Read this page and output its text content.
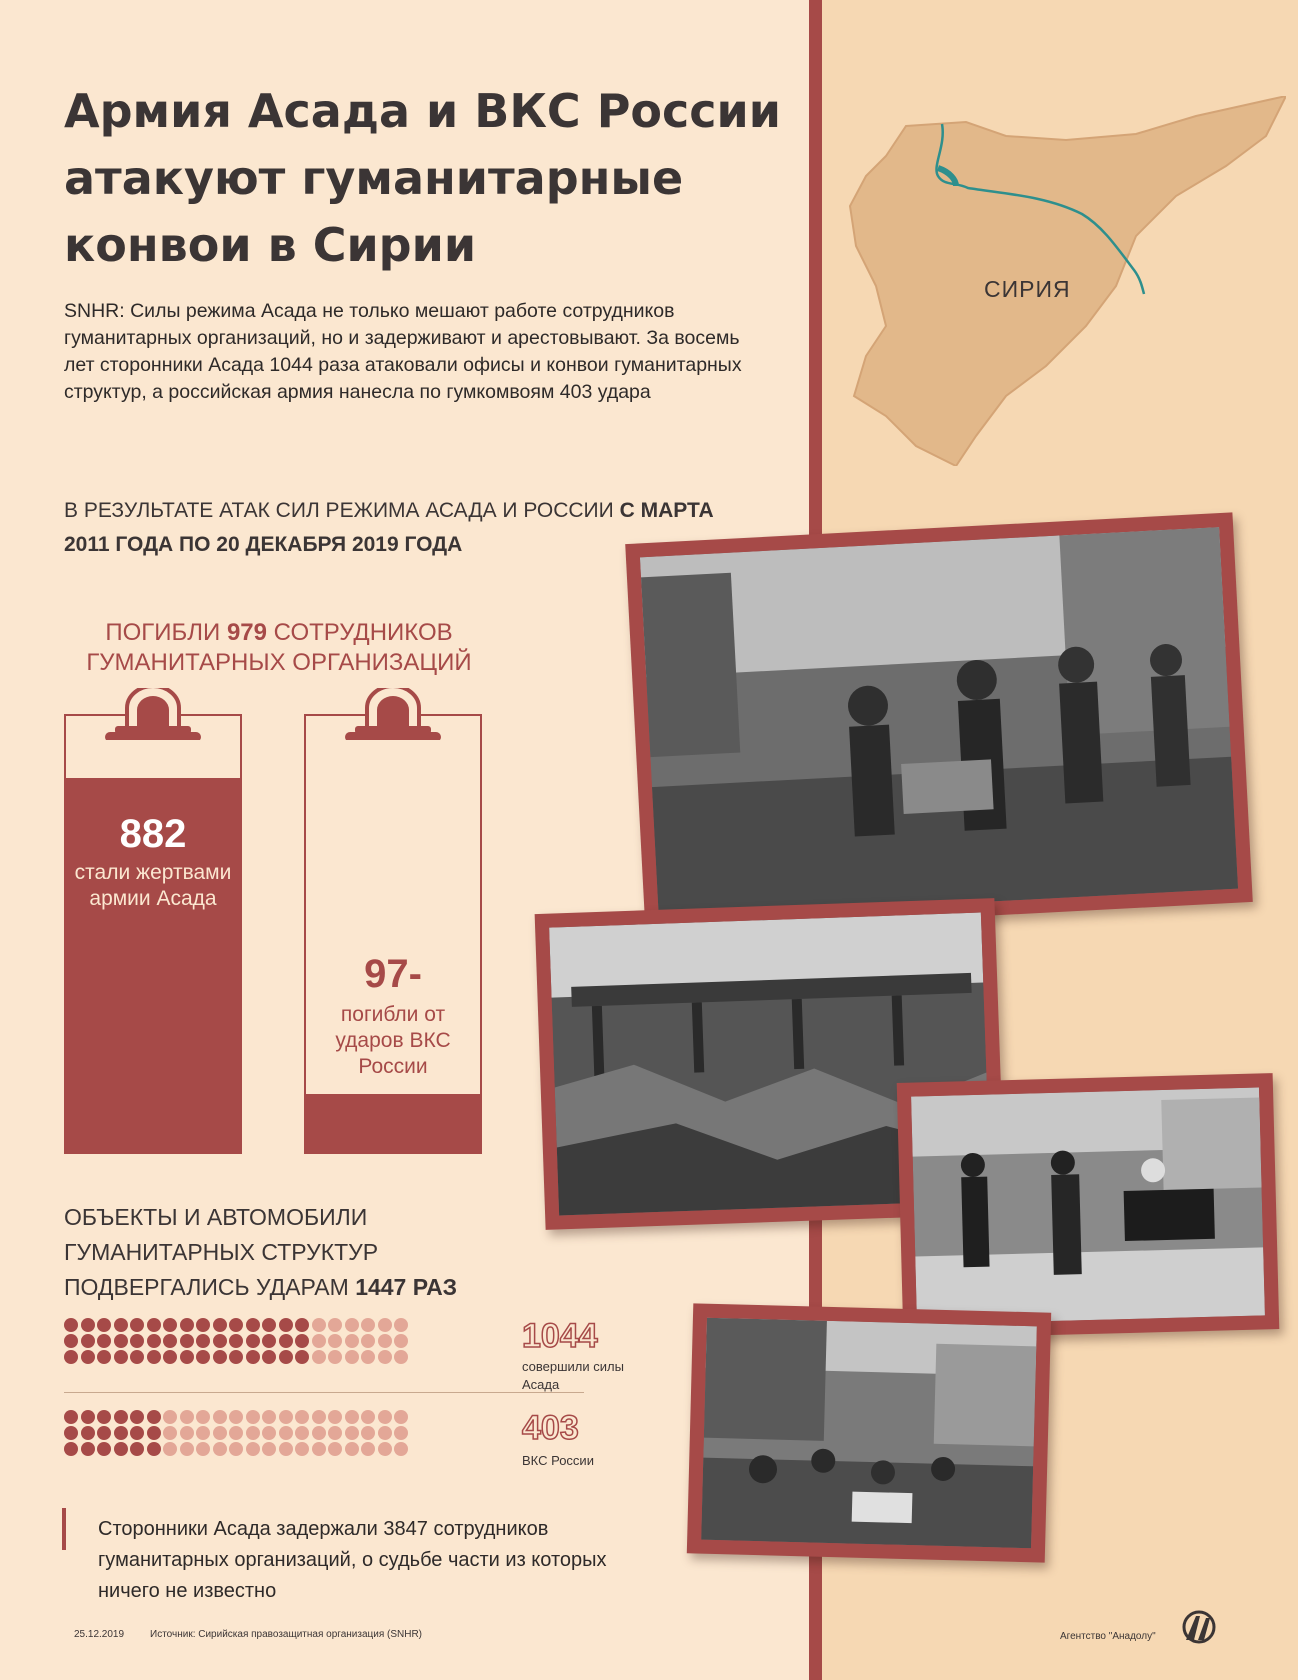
Армия Асада и ВКС России атакуют гуманитарные конвои в Сирии

SNHR: Силы режима Асада не только мешают работе сотрудников гуманитарных организаций, но и задерживают и арестовывают. За восемь лет сторонники Асада 1044 раза атаковали офисы и конвои гуманитарных структур, а российская армия нанесла по гумкомвоям 403 удара

В РЕЗУЛЬТАТЕ АТАК СИЛ РЕЖИМА АСАДА И РОССИИ С МАРТА 2011 ГОДА ПО 20 ДЕКАБРЯ 2019 ГОДА

ПОГИБЛИ 979 СОТРУДНИКОВ ГУМАНИТАРНЫХ ОРГАНИЗАЦИЙ

882
стали жертвами армии Асада
97-
погибли от ударов ВКС России

ОБЪЕКТЫ И АВТОМОБИЛИ ГУМАНИТАРНЫХ СТРУКТУР ПОДВЕРГАЛИСЬ УДАРАМ 1447 РАЗ

1044
совершили силы Асада
403
ВКС России

Сторонники Асада задержали 3847 сотрудников гуманитарных организаций, о судьбе части из которых ничего не известно

25.12.2019	Источник: Сирийская правозащитная организация (SNHR)	Агентство "Анадолу"
СИРИЯ
